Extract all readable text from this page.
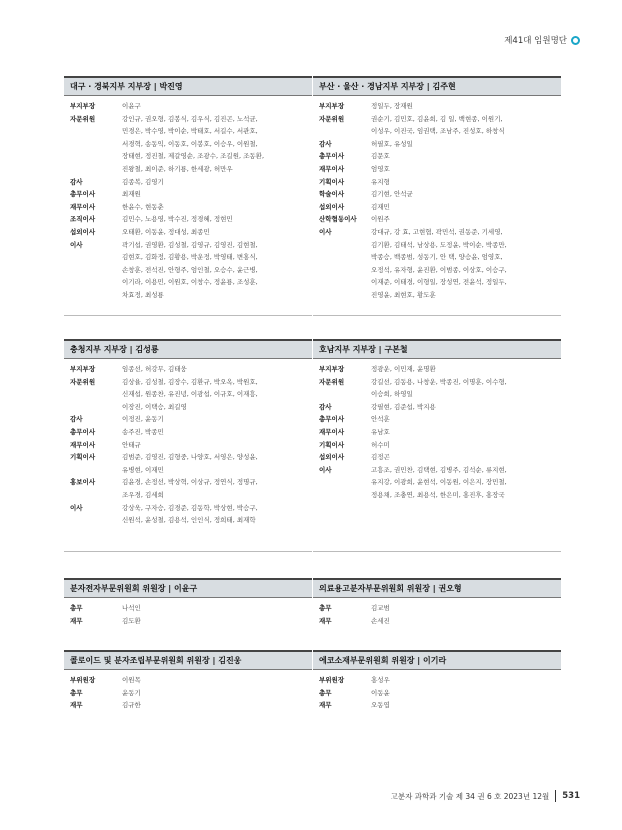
제41대 임원명단
대구 · 경북지부 지부장 | 박진영
부지부장	이윤구
자문위원	강인규, 권오형, 김봉식, 김우식, 김진곤, 노석균,
민경은, 박수영, 박이순, 박태호, 서길수, 서관호,
서경혁, 송동익, 이동호, 이봉호, 이승우, 이원철,
장태현, 정진철, 제갈영순, 조광수, 조길원, 조동환,
진왕철, 최이준, 하기룡, 한세광, 허만우
감사	김종복, 김영기
총무이사	최재원
재무이사	한윤수, 현동춘
조직이사	김민수, 노용영, 박수진, 정경혜, 정현민
섭외이사	오태환, 이동윤, 정대성, 최종민
이사	곽기섭, 권영환, 김성철, 김영규, 김영진, 김현철,
김현호, 김화정, 김황용, 박운정, 박영태, 변홍식,
손창훈, 전석진, 안형주, 엄인철, 오승수, 윤근병,
이기라, 이용민, 이원호, 이창수, 정윤룡, 조성훈,
차효정, 최성룡
부산 · 울산 · 경남지부 지부장 | 김주현
부지부장	정일두, 장재원
자문위원	권순기, 김민호, 김윤희, 김 일, 백현종, 이원기,
이성우, 이진국, 임권택, 조남주, 진성호, 하창식
감사	허필호, 유성일
총무이사	김문호
재무이사	엄영호
기획이사	유지형
학술이사	김기현, 안석균
섭외이사	김재민
산학협동이사	이원주
이사	강대규, 강 효, 고현협, 곽민석, 권동준, 기세영,
김기환, 김태석, 남상용, 도정윤, 박이순, 박종만,
박종승, 백종범, 성동기, 안 택, 양승윤, 엄영호,
오정석, 유자형, 윤진환, 이범종, 이상호, 이승구,
이재준, 이태경, 이형일, 장성연, 전윤석, 정일두,
진영윤, 최현호, 황도훈
충청지부 지부장 | 김성룡
부지부장	임종선, 허강무, 김태웅
자문위원	김상율, 김성철, 김장수, 김환규, 박오옥, 박원호,
신재섭, 원종찬, 유진녕, 이광섭, 이규호, 이재흥,
이장진, 이택승, 최길영
감사	이정진, 윤동기
총무이사	송주진, 박종민
재무이사	안태규
기획이사	김범준, 김영진, 김형중, 나양호, 서영은, 양성윤,
유병현, 이재민
홍보이사	김윤경, 손정선, 박상혁, 이상규, 정연식, 정명규,
조우경, 김세희
이사	강상욱, 구자승, 김경준, 김동학, 박상현, 박승구,
신원석, 윤성철, 김용석, 인인식, 정희태, 최재학
호남지부 지부장 | 구본철
부지부장	정광운, 이민재, 윤명환
자문위원	강길선, 김동용, 나창운, 박종진, 이명훈, 이수형,
이승희, 하영일
감사	강필현, 김준섭, 박지용
총무이사	안석훈
재무이사	유남호
기획이사	허수미
섭외이사	김정곤
이사	고흥조, 권민찬, 김택현, 김병주, 김석순, 류지현,
유지강, 이광희, 윤현석, 이동원, 이은지, 장민철,
정용채, 조충연, 최용석, 한은미, 홍진후, 홍장국
분자전자부문위원회 위원장 | 이윤구
총무	나석인
재무	김도환
의료용고분자부문위원회 위원장 | 권오형
총무	김교범
재무	손세진
콜로이드 및 분자조립부문위원회 위원장 | 김진웅
부위원장	이원목
총무	윤동기
재무	김규한
에코소재부문위원회 위원장 | 이기라
부위원장	홍성우
총무	이동윤
재무	오동엽
고분자 과학과 기술 제 34 권 6 호 2023년 12월 531
